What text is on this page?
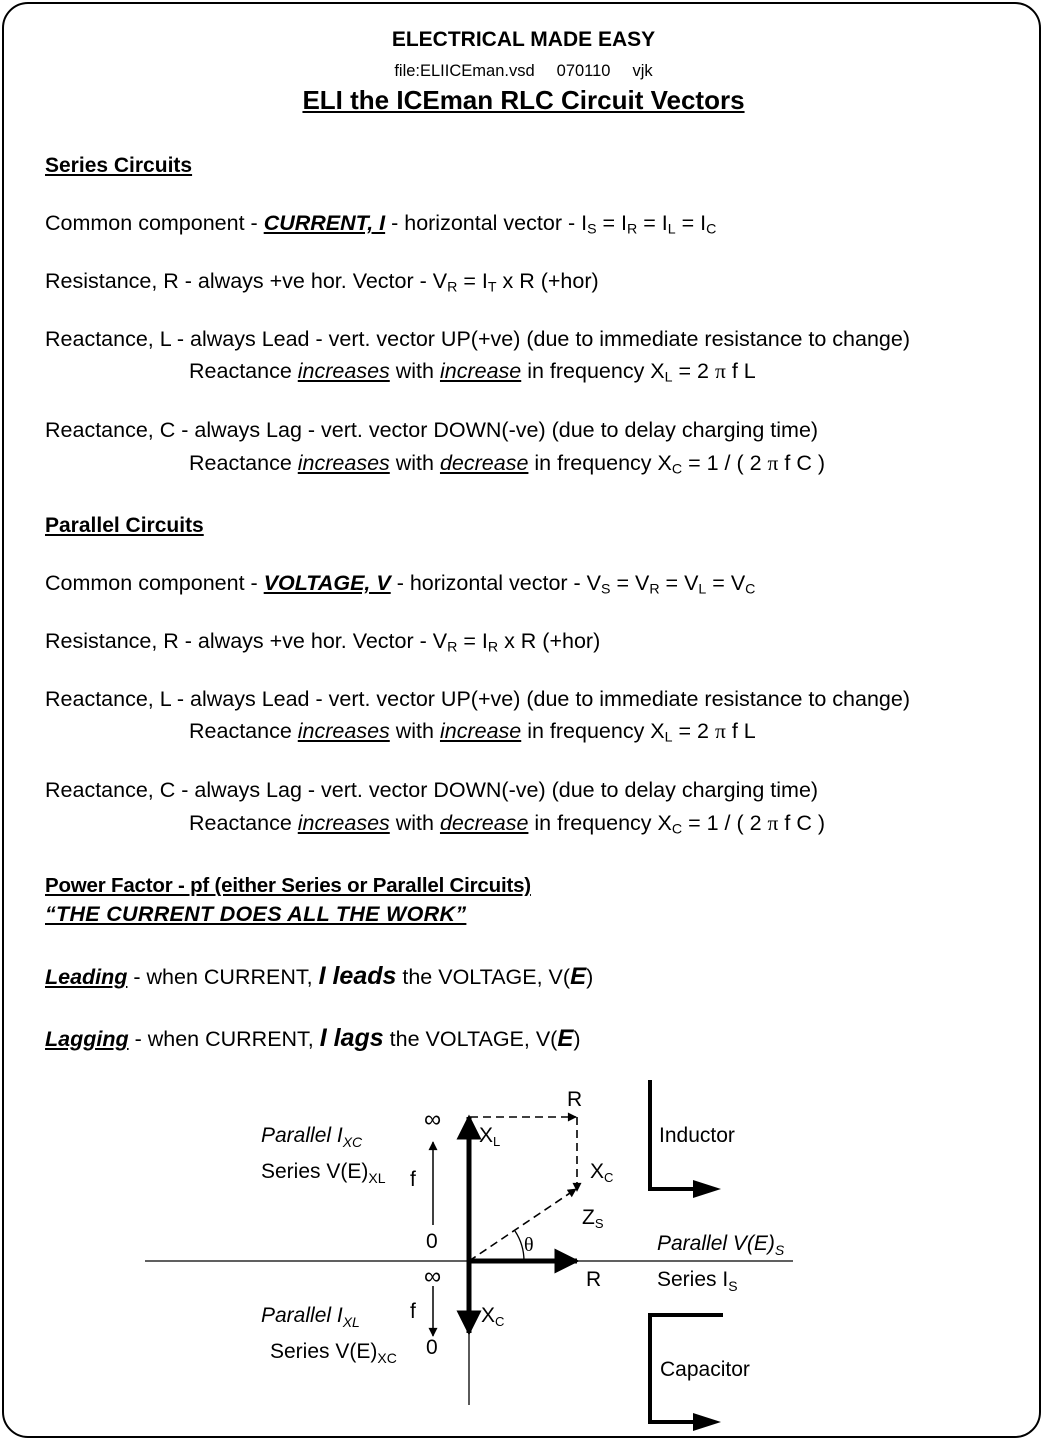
ELECTRICAL MADE EASY
file:ELIICEman.vsd 070110 vjk
ELI the ICEman RLC Circuit Vectors
Series Circuits
Common component - CURRENT, I - horizontal vector - $I_S = I_R = I_L = I_C$
Resistance, R - always +ve hor. Vector - $V_R = I_T$ x R (+hor)
Reactance, L - always Lead - vert. vector UP(+ve) (due to immediate resistance to change)
Reactance increases with increase in frequency $X_L = 2$ π f L
Reactance, C - always Lag - vert. vector DOWN(-ve) (due to delay charging time)
Reactance increases with decrease in frequency $X_C = 1$ / ( 2 π f C )
Parallel Circuits
Common component - VOLTAGE, V - horizontal vector - $V_S = V_R = V_L = V_C$
Resistance, R - always +ve hor. Vector - $V_R = I_R$ x R (+hor)
Reactance, L - always Lead - vert. vector UP(+ve) (due to immediate resistance to change)
Reactance increases with increase in frequency $X_L = 2$ π f L
Reactance, C - always Lag - vert. vector DOWN(-ve) (due to delay charging time)
Reactance increases with decrease in frequency $X_C = 1$ / ( 2 π f C )
Power Factor - pf (either Series or Parallel Circuits)
“THE CURRENT DOES ALL THE WORK”
Leading - when CURRENT, I leads the VOLTAGE, V(E)
Lagging - when CURRENT, I lags the VOLTAGE, V(E)
∞
0
f
∞
f
0
XL
R
XC
ZS
θ
R
XC
Parallel $I_{XC}$
Series $V(E)_{XL}$
Parallel $I_{XL}$
Series $V(E)_{XC}$
Parallel $V(E)_S$
Series $I_S$
Inductor
Capacitor
